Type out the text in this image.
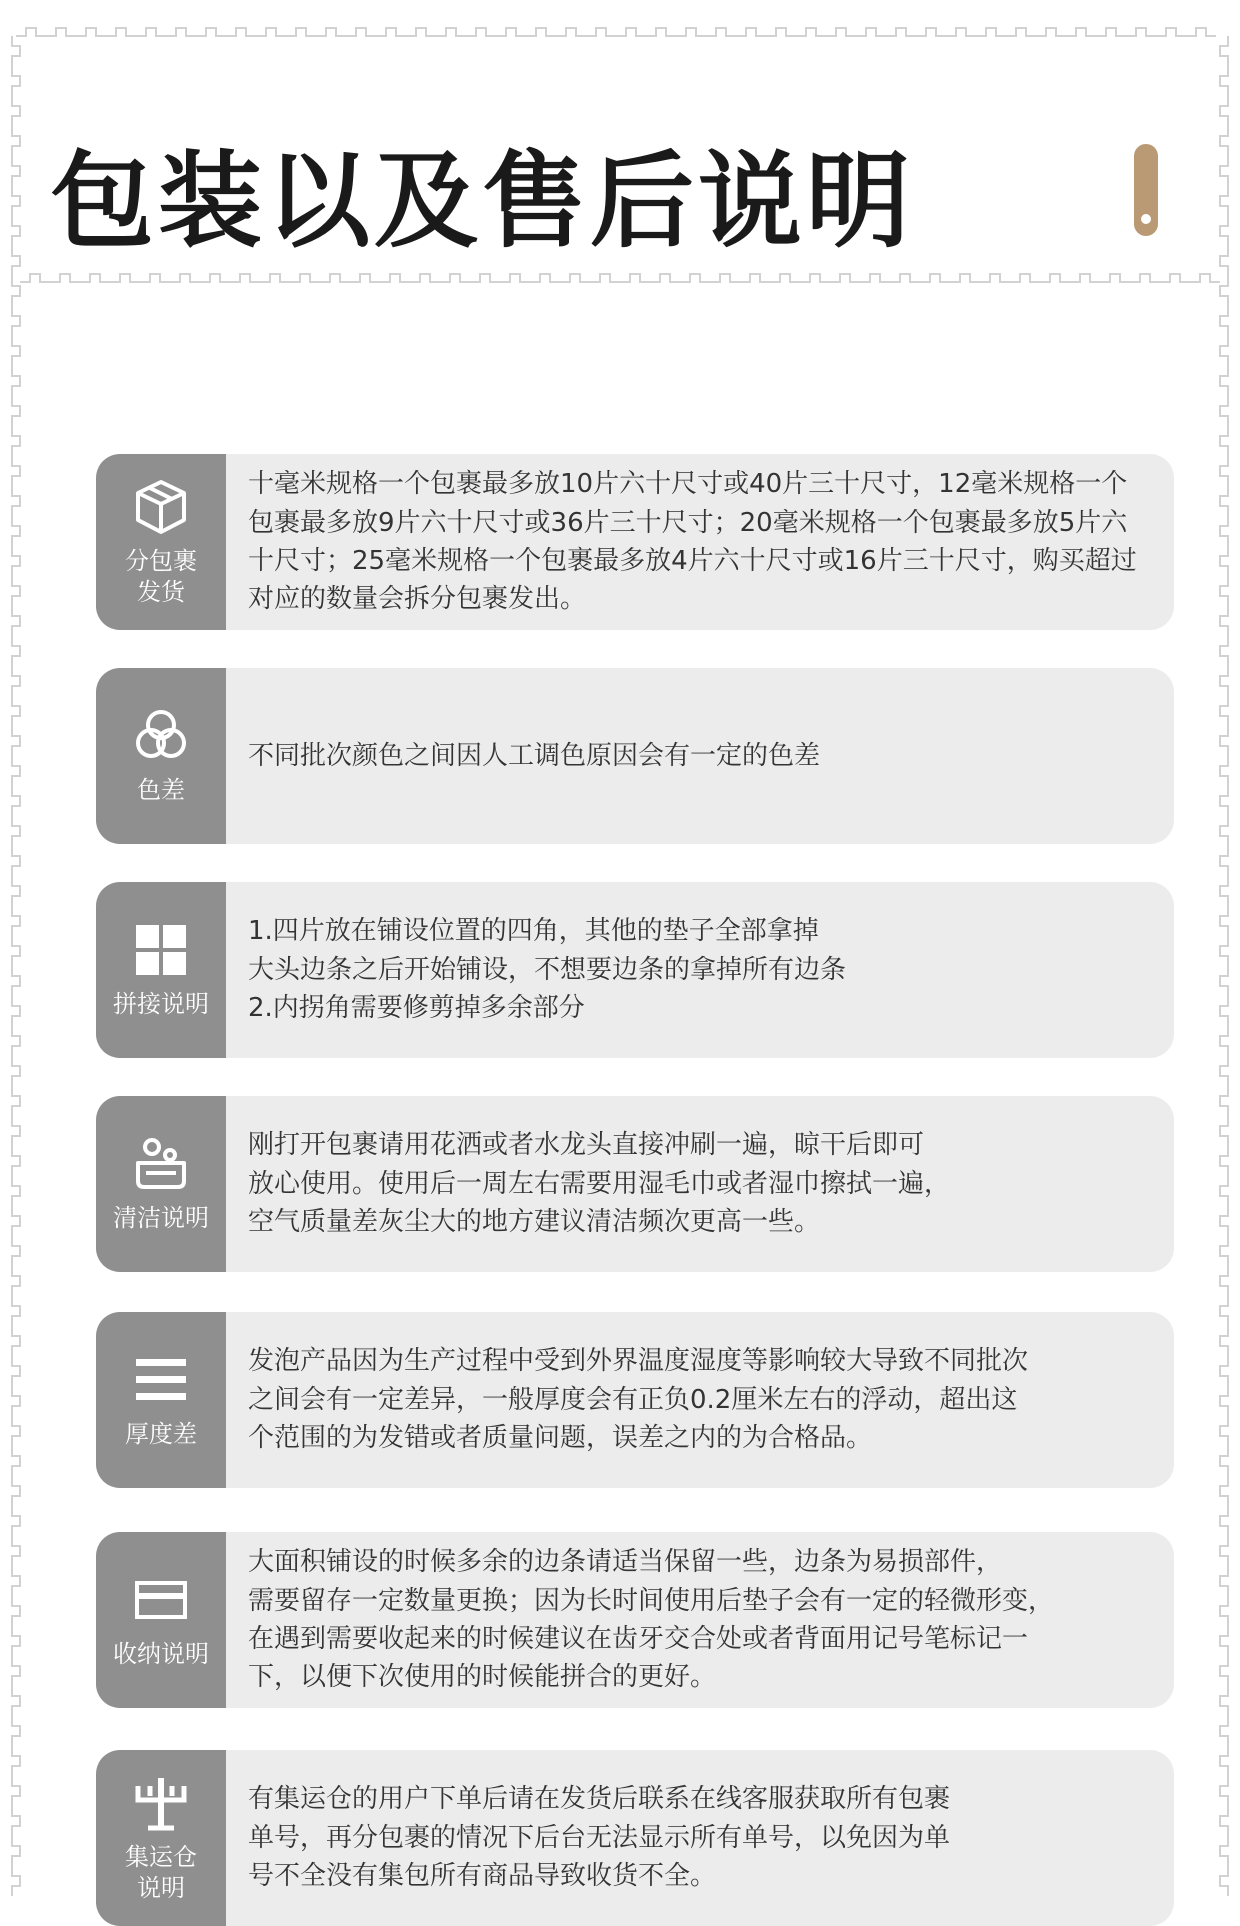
包装以及售后说明
分包裹
发货
十毫米规格一个包裹最多放10片六十尺寸或40片三十尺寸，12毫米规格一个包裹最多放9片六十尺寸或36片三十尺寸；20毫米规格一个包裹最多放5片六十尺寸；25毫米规格一个包裹最多放4片六十尺寸或16片三十尺寸，购买超过对应的数量会拆分包裹发出。
色差
不同批次颜色之间因人工调色原因会有一定的色差
拼接说明
1.四片放在铺设位置的四角，其他的垫子全部拿掉
大头边条之后开始铺设，不想要边条的拿掉所有边条
2.内拐角需要修剪掉多余部分
清洁说明
刚打开包裹请用花洒或者水龙头直接冲刷一遍，晾干后即可
放心使用。使用后一周左右需要用湿毛巾或者湿巾擦拭一遍，
空气质量差灰尘大的地方建议清洁频次更高一些。
厚度差
发泡产品因为生产过程中受到外界温度湿度等影响较大导致不同批次
之间会有一定差异，一般厚度会有正负0.2厘米左右的浮动，超出这
个范围的为发错或者质量问题，误差之内的为合格品。
收纳说明
大面积铺设的时候多余的边条请适当保留一些，边条为易损部件，
需要留存一定数量更换；因为长时间使用后垫子会有一定的轻微形变，
在遇到需要收起来的时候建议在齿牙交合处或者背面用记号笔标记一
下，以便下次使用的时候能拼合的更好。
集运仓
说明
有集运仓的用户下单后请在发货后联系在线客服获取所有包裹
单号，再分包裹的情况下后台无法显示所有单号，以免因为单
号不全没有集包所有商品导致收货不全。
